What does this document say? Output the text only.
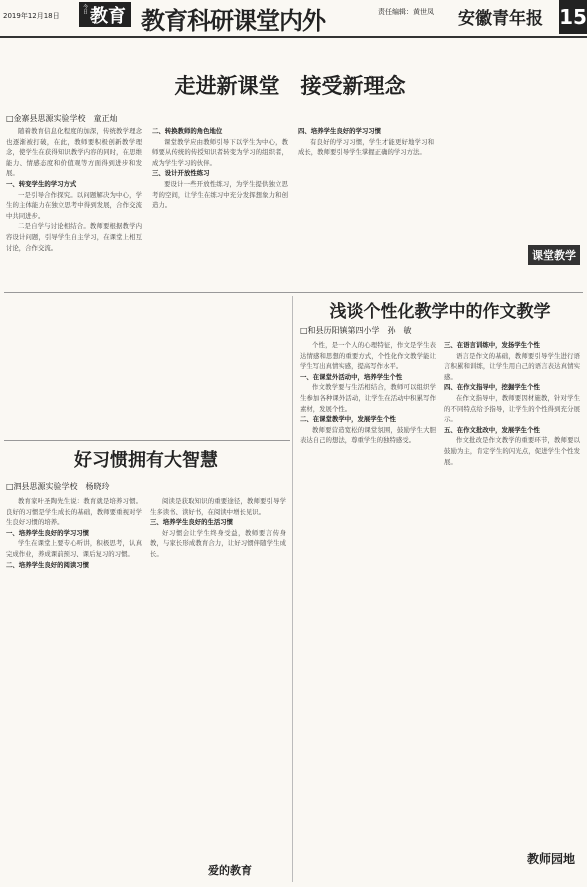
2019年12月18日
今日 教育 教育科研课堂内外	责任编辑：黄世凤 安徽青年报 15
走进新课堂　接受新理念
□金寨县思源实验学校　童正灿

随着教育信息化程度的加深，传统教学理念也逐渐被打破，在此，教师要积极创新教学理念，使学生在获得知识教学内容的同时，在思维能力、情感态度和价值观等方面得到进步和发展。

一、转变学生的学习方式

一是引导合作探究。以问题解决为中心，学生的主体能力在独立思考中得到发展，合作交流中共同进步。

二是自学与讨论相结合。教师要根据教学内容设计问题，引导学生自主学习，在课堂上相互讨论，合作交流。

二、转换教师的角色地位

课堂教学应由教师引导下以学生为中心，教师要从传统的传授知识者转变为学习的组织者，成为学生学习的伙伴。

三、设计开放性练习

要设计一些开放性练习，为学生提供独立思考的空间，让学生在练习中充分发挥想象力和创造力。

四、培养学生良好的学习习惯

有良好的学习习惯，学生才能更好地学习和成长，教师要引导学生掌握正确的学习方法。

课堂教学
浅谈个性化教学中的作文教学
□和县历阳镇第四小学　孙　敏

个性，是一个人的心理特征，作文是学生表达情感和思想的重要方式，个性化作文教学能让学生写出真情实感，提高写作水平。

一、在课堂外活动中，培养学生个性

作文教学要与生活相结合，教师可以组织学生参加各种课外活动，让学生在活动中积累写作素材，发展个性。

二、在课堂教学中，发展学生个性

教师要营造宽松的课堂氛围，鼓励学生大胆表达自己的想法，尊重学生的独特感受。

三、在语言训练中，发扬学生个性

语言是作文的基础，教师要引导学生进行语言积累和训练，让学生用自己的语言表达真情实感。

四、在作文指导中，挖掘学生个性

在作文指导中，教师要因材施教，针对学生的不同特点给予指导，让学生的个性得到充分展示。

五、在作文批改中，发展学生个性

作文批改是作文教学的重要环节，教师要以鼓励为主，肯定学生的闪光点，促进学生个性发展。

教师园地
好习惯拥有大智慧
□泗县思源实验学校　杨晓玲

教育家叶圣陶先生说：教育就是培养习惯。良好的习惯是学生成长的基础，教师要重视对学生良好习惯的培养。

一、培养学生良好的学习习惯

学生在课堂上要专心听讲，积极思考，认真完成作业，养成课前预习、课后复习的习惯。

二、培养学生良好的阅读习惯

阅读是获取知识的重要途径，教师要引导学生多读书、读好书，在阅读中增长见识。

三、培养学生良好的生活习惯

好习惯会让学生终身受益，教师要言传身教，与家长形成教育合力，让好习惯伴随学生成长。

爱的教育
